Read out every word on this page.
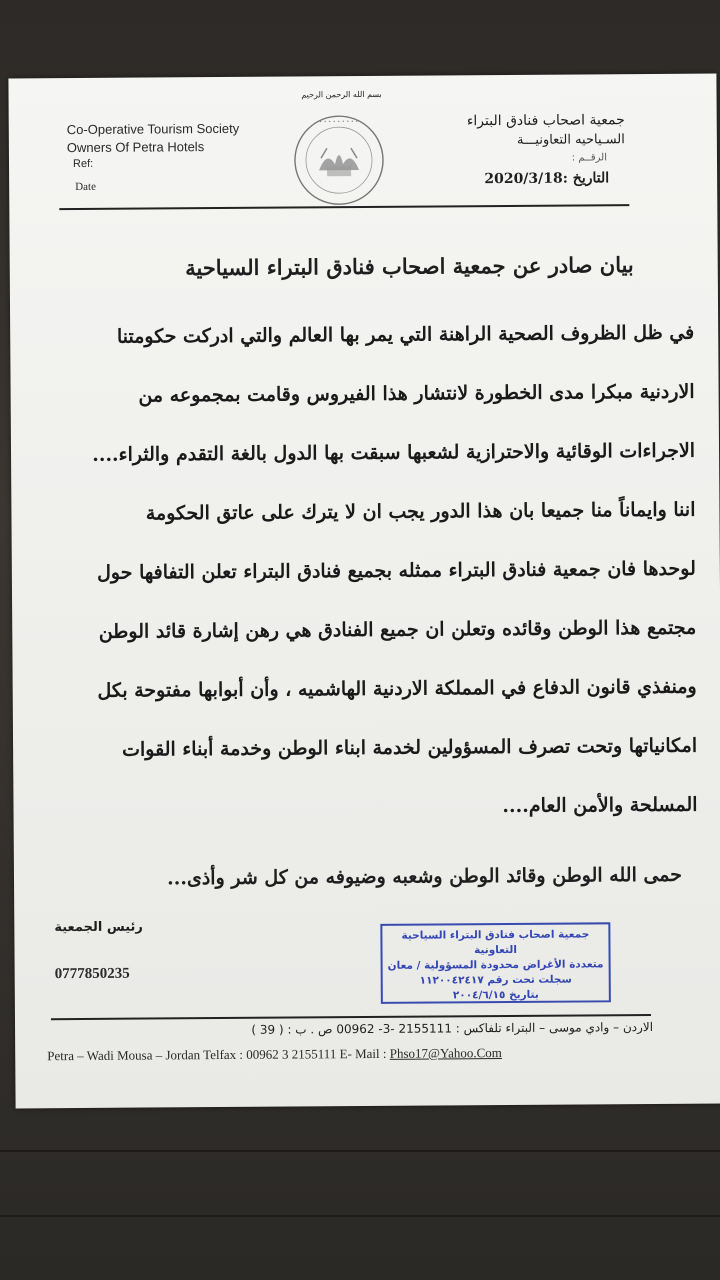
Co-Operative Tourism Society
Owners Of Petra Hotels
Ref:
Date
بسم الله الرحمن الرحيم
• • • • • • • • •	جمعية اصحاب فنادق البتراء
السـياحيه التعاونيـــة
الرقــم :
التاريخ :2020/3/18
بيان صادر عن جمعية اصحاب فنادق البتراء السياحية
في ظل الظروف الصحية الراهنة التي يمر بها العالم والتي ادركت حكومتنا
الاردنية مبكرا مدى الخطورة لانتشار هذا الفيروس وقامت بمجموعه من
الاجراءات الوقائية والاحترازية لشعبها سبقت بها الدول بالغة التقدم والثراء....
اننا وايماناً منا جميعا بان هذا الدور يجب ان لا يترك على عاتق الحكومة
لوحدها فان جمعية فنادق البتراء ممثله بجميع فنادق البتراء تعلن التفافها حول
مجتمع هذا الوطن وقائده وتعلن ان جميع الفنادق هي رهن إشارة قائد الوطن
ومنفذي قانون الدفاع في المملكة الاردنية الهاشميه ، وأن أبوابها مفتوحة بكل
امكانياتها وتحت تصرف المسؤولين لخدمة ابناء الوطن وخدمة أبناء القوات
المسلحة والأمن العام....
حمى الله الوطن وقائد الوطن وشعبه وضيوفه من كل شر وأذى...
رئيس الجمعية
0777850235
جمعية اصحاب فنادق البتراء السياحية التعاونية
متعددة الأغراض محدودة المسؤولية / معان
سجلت تحت رقم ١١٢٠٠٤٢٤١٧
بتاريخ ٢٠٠٤/٦/١٥
الاردن – وادي موسى – البتراء تلفاكس : 2155111 -3- 00962 ص . ب : ( 39 )
Petra – Wadi Mousa – Jordan Telfax : 00962 3 2155111 E- Mail : Phso17@Yahoo.Com
